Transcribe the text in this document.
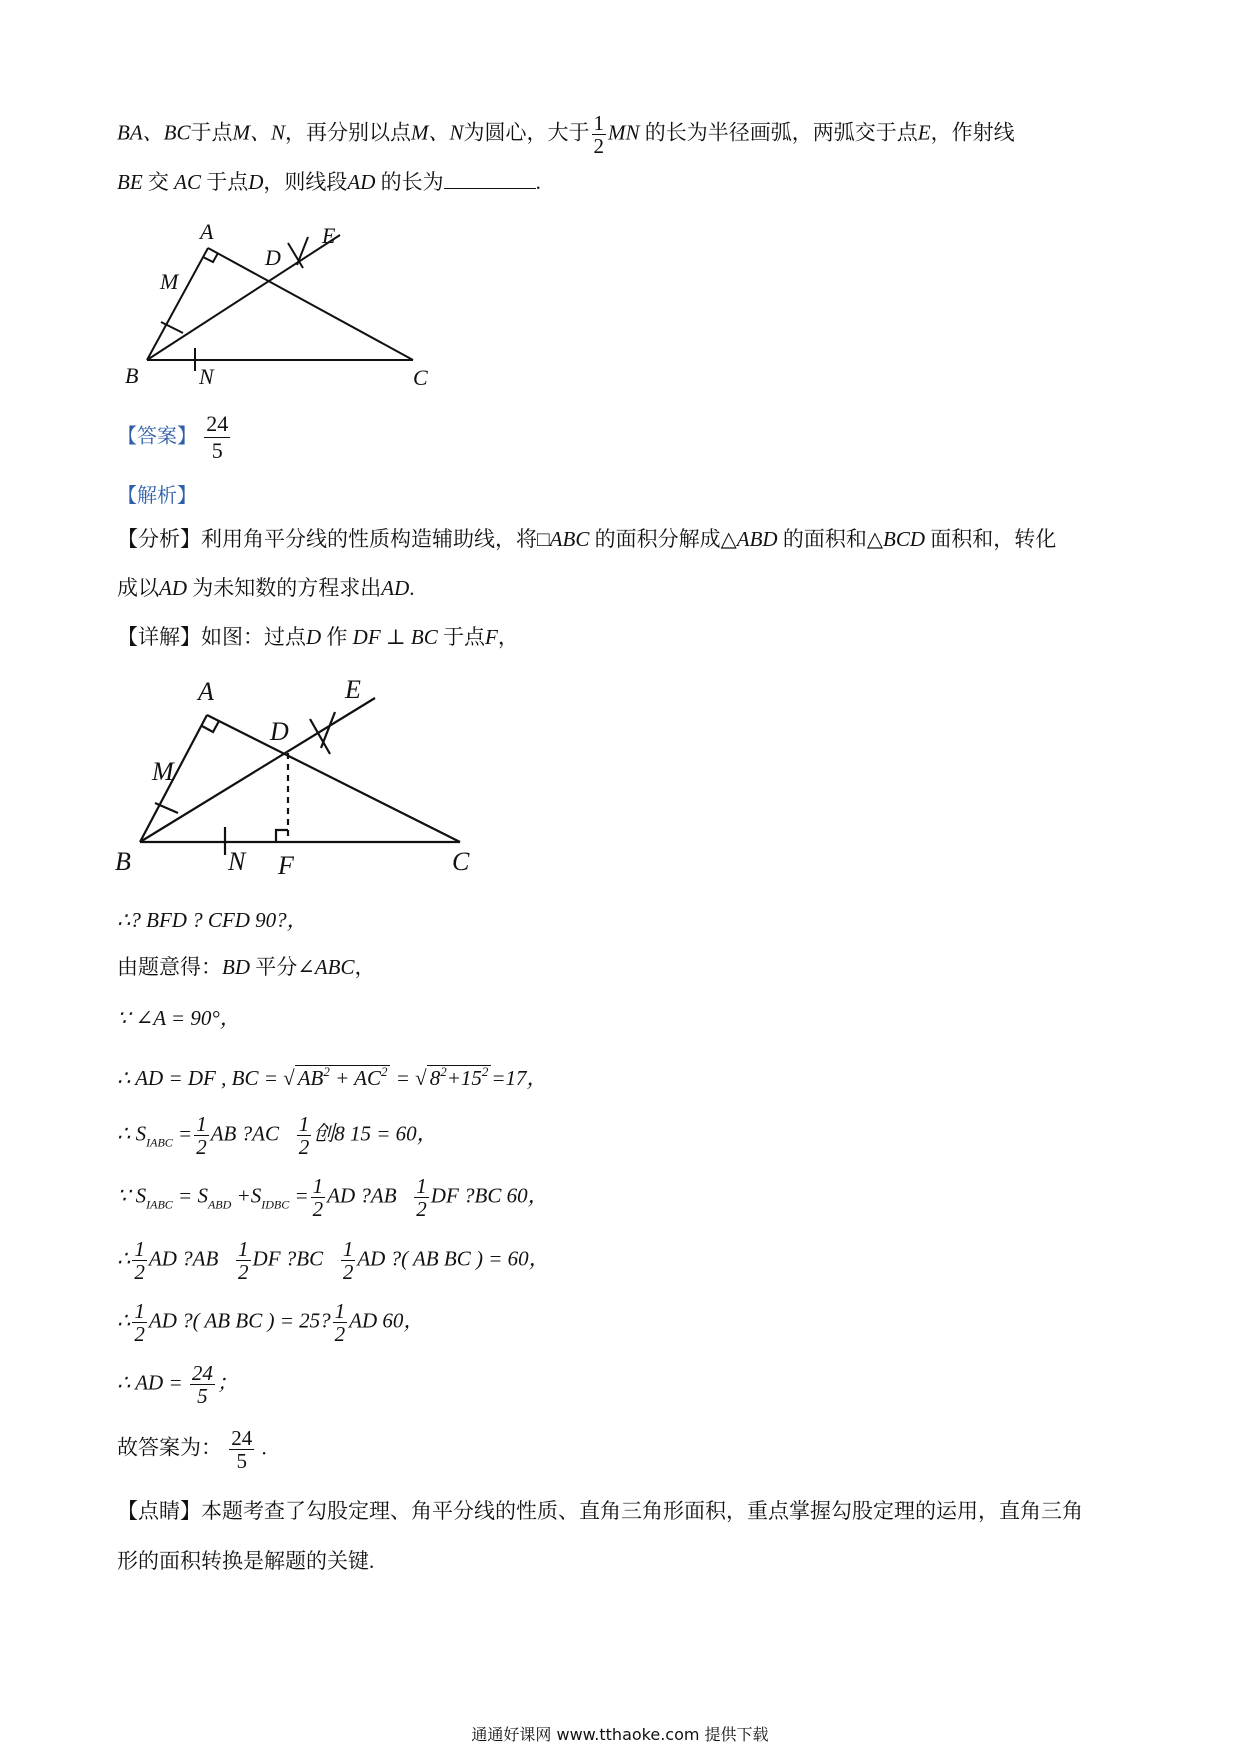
BA、BC于点M、N，再分别以点M、N为圆心，大于 $\frac{1}{2}$ MN 的长为半径画弧，两弧交于点E，作射线
BE 交 AC 于点D，则线段AD 的长为	.
A
B	C
D
E
M
N
【答案】 $\frac{24}{5}$
【解析】
【分析】利用角平分线的性质构造辅助线，将□ABC 的面积分解成△ABD 的面积和△BCD 面积和，转化
成以AD 为未知数的方程求出AD.
【详解】如图：过点D 作 DF ⊥ BC 于点F，
A
B	C
D
E
M
N F
∴? BFD ? CFD 90?，
由题意得：BD 平分∠ABC，
∵ ∠A = 90°，
∴ AD = DF , BC = √ $AB^2 + AC^2$ = √ $8^2+15^2 =17$，
∴ $S_{IABC} = \frac{1}{2}$ AB ?AC $\frac{1}{2}$ 创8 15 = 60，
∵ $S_{IABC} = S_{ABD} +S_{IDBC} = \frac{1}{2}$ AD ?AB $\frac{1}{2}$ DF ?BC 60，
∴ $\frac{1}{2}$ AD ?AB $\frac{1}{2}$ DF ?BC $\frac{1}{2}$ AD ?( AB BC ) = 60，
∴ $\frac{1}{2}$ AD ?( AB BC ) = 25? $\frac{1}{2}$ AD 60，
∴ AD = $\frac{24}{5}$ ；
故答案为： $\frac{24}{5}$ .
【点睛】本题考查了勾股定理、角平分线的性质、直角三角形面积，重点掌握勾股定理的运用，直角三角
形的面积转换是解题的关键.
通通好课网 www.tthaoke.com 提供下载
